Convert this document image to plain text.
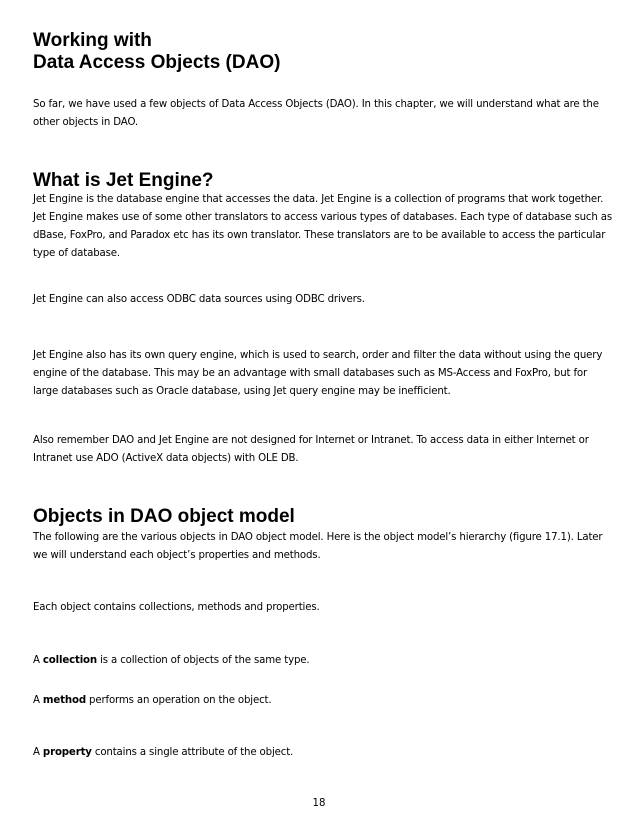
Working with
Data Access Objects (DAO)

So far, we have used a few objects of Data Access Objects (DAO). In this chapter, we will understand what are the other objects in DAO.

What is Jet Engine?

Jet Engine is the database engine that accesses the data. Jet Engine is a collection of programs that work together. Jet Engine makes use of some other translators to access various types of databases. Each type of database such as dBase, FoxPro, and Paradox etc has its own translator. These translators are to be available to access the particular type of database.

Jet Engine can also access ODBC data sources using ODBC drivers.

Jet Engine also has its own query engine, which is used to search, order and filter the data without using the query engine of the database. This may be an advantage with small databases such as MS-Access and FoxPro, but for large databases such as Oracle database, using Jet query engine may be inefficient.

Also remember DAO and Jet Engine are not designed for Internet or Intranet. To access data in either Internet or Intranet use ADO (ActiveX data objects) with OLE DB.

Objects in DAO object model

The following are the various objects in DAO object model. Here is the object model’s hierarchy (figure 17.1). Later we will understand each object’s properties and methods.

Each object contains collections, methods and properties.

A collection is a collection of objects of the same type.

A method performs an operation on the object.

A property contains a single attribute of the object.

18
